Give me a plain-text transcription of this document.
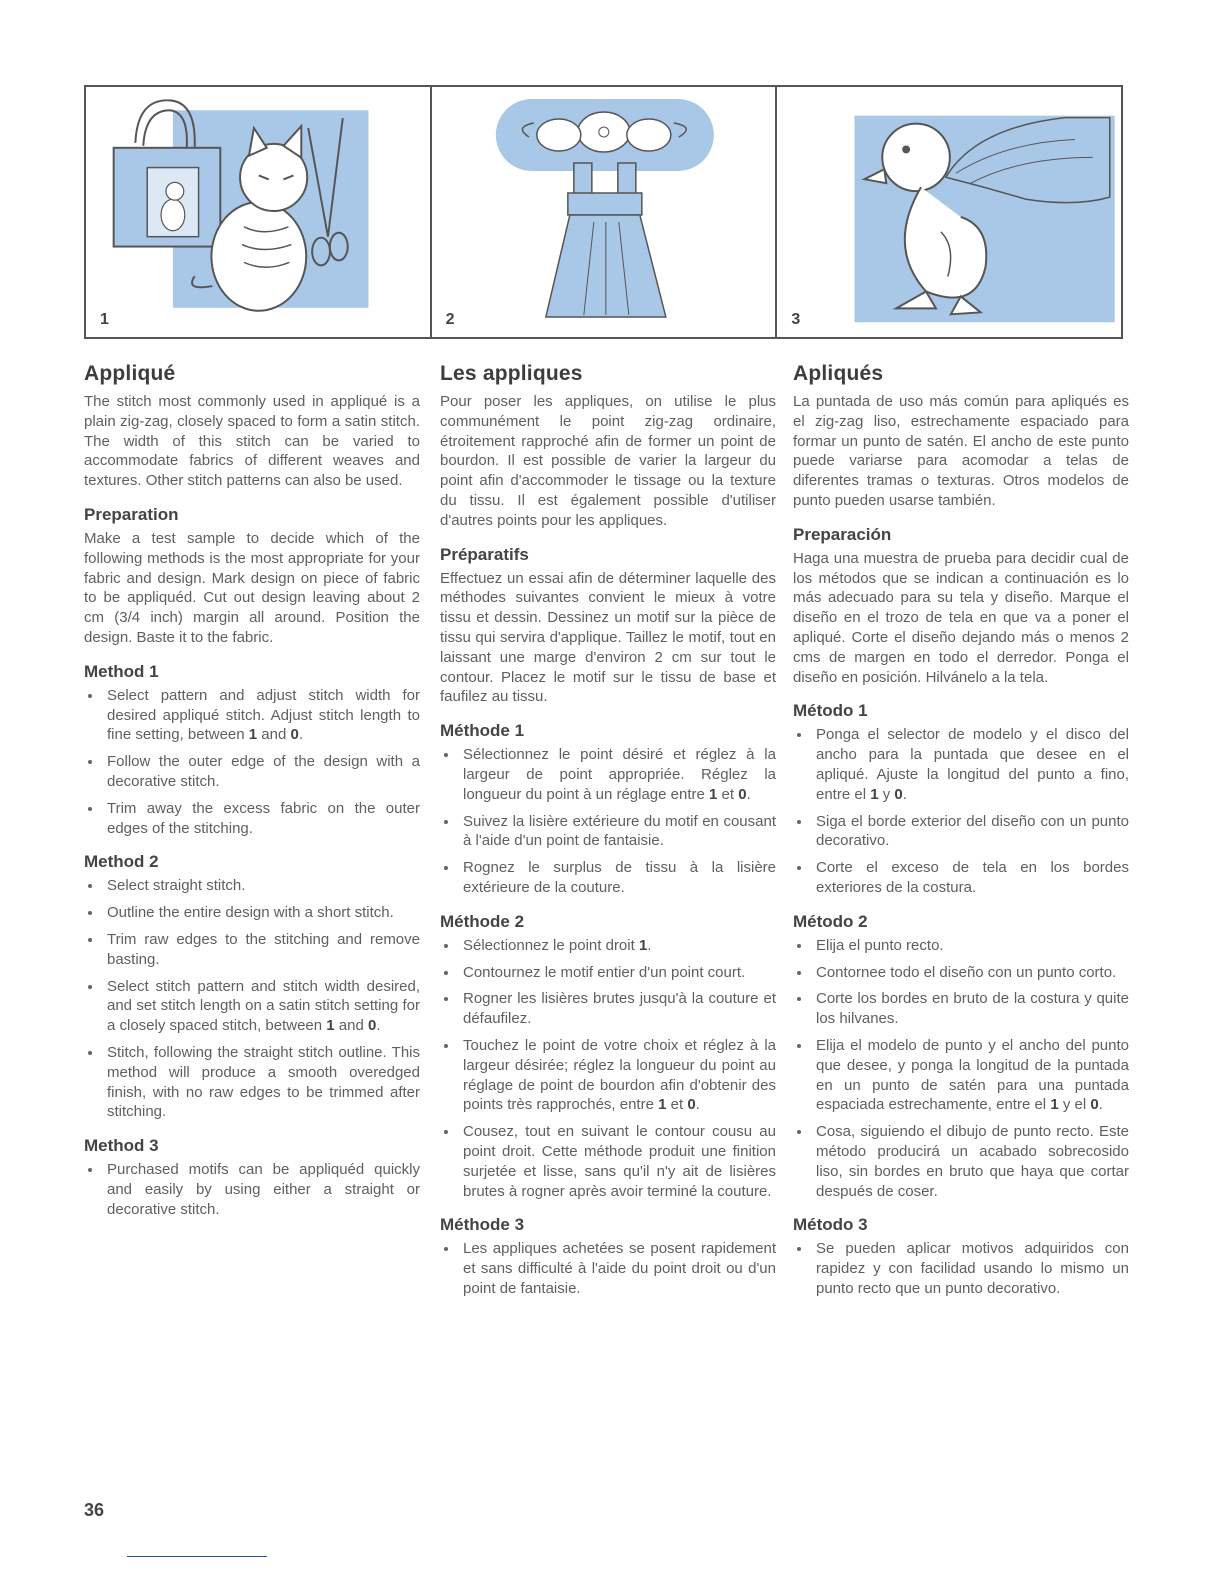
1	2	3
Appliqué

The stitch most commonly used in appliqué is a plain zig-zag, closely spaced to form a satin stitch. The width of this stitch can be varied to accommodate fabrics of different weaves and textures. Other stitch patterns can also be used.

Preparation

Make a test sample to decide which of the following methods is the most appropriate for your fabric and design. Mark design on piece of fabric to be appliquéd. Cut out design leaving about 2 cm (3/4 inch) margin all around. Position the design. Baste it to the fabric.

Method 1
Select pattern and adjust stitch width for desired appliqué stitch. Adjust stitch length to fine setting, between 1 and 0.
Follow the outer edge of the design with a decorative stitch.
Trim away the excess fabric on the outer edges of the stitching.
Method 2
Select straight stitch.
Outline the entire design with a short stitch.
Trim raw edges to the stitching and remove basting.
Select stitch pattern and stitch width desired, and set stitch length on a satin stitch setting for a closely spaced stitch, between 1 and 0.
Stitch, following the straight stitch outline. This method will produce a smooth overedged finish, with no raw edges to be trimmed after stitching.
Method 3
Purchased motifs can be appliquéd quickly and easily by using either a straight or decorative stitch.
Les appliques

Pour poser les appliques, on utilise le plus communément le point zig-zag ordinaire, étroitement rapproché afin de former un point de bourdon. Il est possible de varier la largeur du point afin d'accommoder le tissage ou la texture du tissu. Il est également possible d'utiliser d'autres points pour les appliques.

Préparatifs

Effectuez un essai afin de déterminer laquelle des méthodes suivantes convient le mieux à votre tissu et dessin. Dessinez un motif sur la pièce de tissu qui servira d'applique. Taillez le motif, tout en laissant une marge d'environ 2 cm sur tout le contour. Placez le motif sur le tissu de base et faufilez au tissu.

Méthode 1
Sélectionnez le point désiré et réglez à la largeur de point appropriée. Réglez la longueur du point à un réglage entre 1 et 0.
Suivez la lisière extérieure du motif en cousant à l'aide d'un point de fantaisie.
Rognez le surplus de tissu à la lisière extérieure de la couture.
Méthode 2
Sélectionnez le point droit 1.
Contournez le motif entier d'un point court.
Rogner les lisières brutes jusqu'à la couture et défaufilez.
Touchez le point de votre choix et réglez à la largeur désirée; réglez la longueur du point au réglage de point de bourdon afin d'obtenir des points très rapprochés, entre 1 et 0.
Cousez, tout en suivant le contour cousu au point droit. Cette méthode produit une finition surjetée et lisse, sans qu'il n'y ait de lisières brutes à rogner après avoir terminé la couture.
Méthode 3
Les appliques achetées se posent rapidement et sans difficulté à l'aide du point droit ou d'un point de fantaisie.
Apliqués

La puntada de uso más común para apliqués es el zig-zag liso, estrechamente espaciado para formar un punto de satén. El ancho de este punto puede variarse para acomodar a telas de diferentes tramas o texturas. Otros modelos de punto pueden usarse también.

Preparación

Haga una muestra de prueba para decidir cual de los métodos que se indican a continuación es lo más adecuado para su tela y diseño. Marque el diseño en el trozo de tela en que va a poner el apliqué. Corte el diseño dejando más o menos 2 cms de margen en todo el derredor. Ponga el diseño en posición. Hilvánelo a la tela.

Método 1
Ponga el selector de modelo y el disco del ancho para la puntada que desee en el apliqué. Ajuste la longitud del punto a fino, entre el 1 y 0.
Siga el borde exterior del diseño con un punto decorativo.
Corte el exceso de tela en los bordes exteriores de la costura.
Método 2
Elija el punto recto.
Contornee todo el diseño con un punto corto.
Corte los bordes en bruto de la costura y quite los hilvanes.
Elija el modelo de punto y el ancho del punto que desee, y ponga la longitud de la puntada en un punto de satén para una puntada espaciada estrechamente, entre el 1 y el 0.
Cosa, siguiendo el dibujo de punto recto. Este método producirá un acabado sobrecosido liso, sin bordes en bruto que haya que cortar después de coser.
Método 3
Se pueden aplicar motivos adquiridos con rapidez y con facilidad usando lo mismo un punto recto que un punto decorativo.
36
